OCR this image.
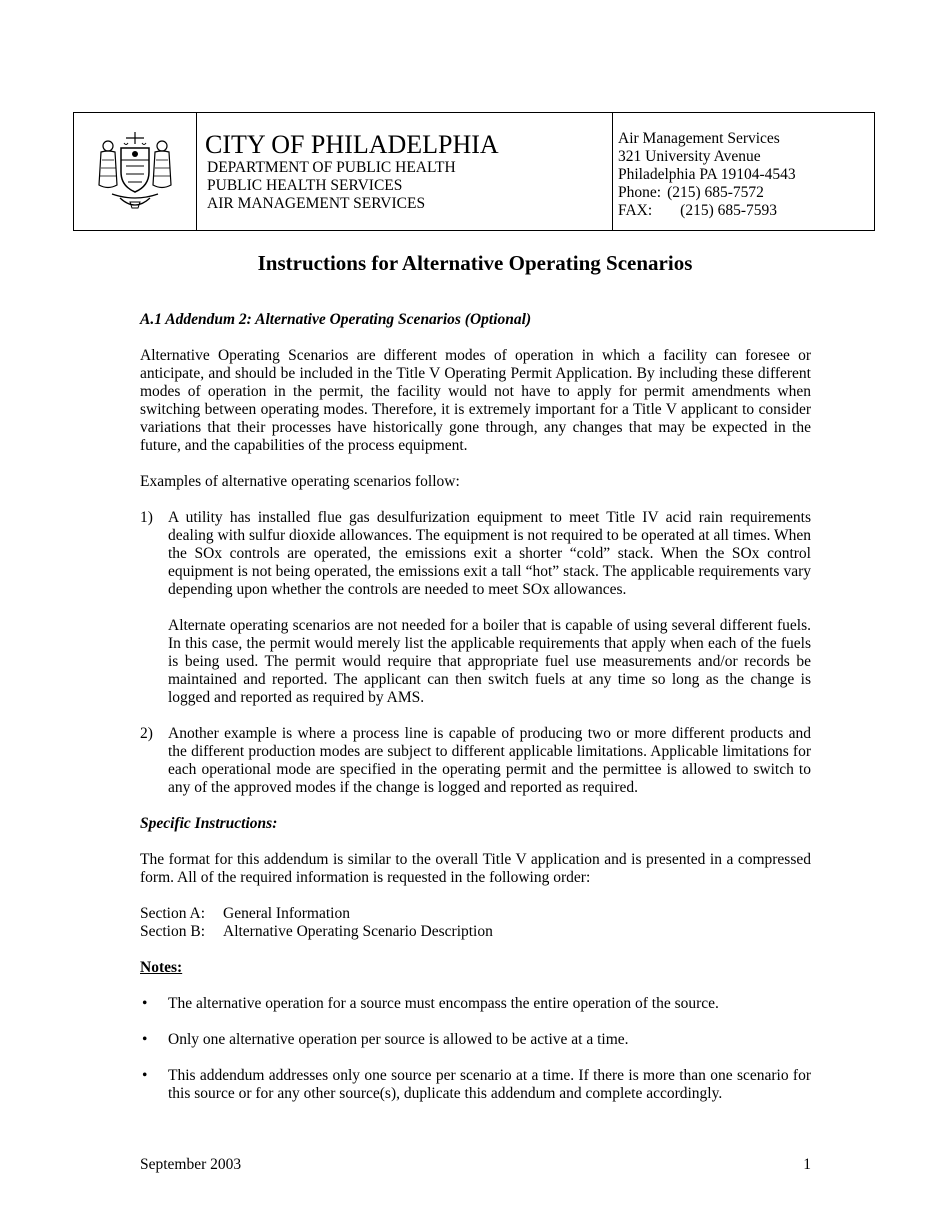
CITY OF PHILADELPHIA
DEPARTMENT OF PUBLIC HEALTH
PUBLIC HEALTH SERVICES
AIR MANAGEMENT SERVICES
Air Management Services
321 University Avenue
Philadelphia PA 19104-4543
Phone: (215) 685-7572
FAX: (215) 685-7593
Instructions for Alternative Operating Scenarios

A.1 Addendum 2: Alternative Operating Scenarios (Optional)

Alternative Operating Scenarios are different modes of operation in which a facility can foresee or anticipate, and should be included in the Title V Operating Permit Application. By including these different modes of operation in the permit, the facility would not have to apply for permit amendments when switching between operating modes. Therefore, it is extremely important for a Title V applicant to consider variations that their processes have historically gone through, any changes that may be expected in the future, and the capabilities of the process equipment.

Examples of alternative operating scenarios follow:

1) A utility has installed flue gas desulfurization equipment to meet Title IV acid rain requirements dealing with sulfur dioxide allowances. The equipment is not required to be operated at all times. When the SOx controls are operated, the emissions exit a shorter “cold” stack. When the SOx control equipment is not being operated, the emissions exit a tall “hot” stack. The applicable requirements vary depending upon whether the controls are needed to meet SOx allowances.

Alternate operating scenarios are not needed for a boiler that is capable of using several different fuels. In this case, the permit would merely list the applicable requirements that apply when each of the fuels is being used. The permit would require that appropriate fuel use measurements and/or records be maintained and reported. The applicant can then switch fuels at any time so long as the change is logged and reported as required by AMS.

2) Another example is where a process line is capable of producing two or more different products and the different production modes are subject to different applicable limitations. Applicable limitations for each operational mode are specified in the operating permit and the permittee is allowed to switch to any of the approved modes if the change is logged and reported as required.

Specific Instructions:

The format for this addendum is similar to the overall Title V application and is presented in a compressed form. All of the required information is requested in the following order:

Section A: General Information
Section B: Alternative Operating Scenario Description

Notes:

• The alternative operation for a source must encompass the entire operation of the source.

• Only one alternative operation per source is allowed to be active at a time.

• This addendum addresses only one source per scenario at a time. If there is more than one scenario for this source or for any other source(s), duplicate this addendum and complete accordingly.

September 2003	1
